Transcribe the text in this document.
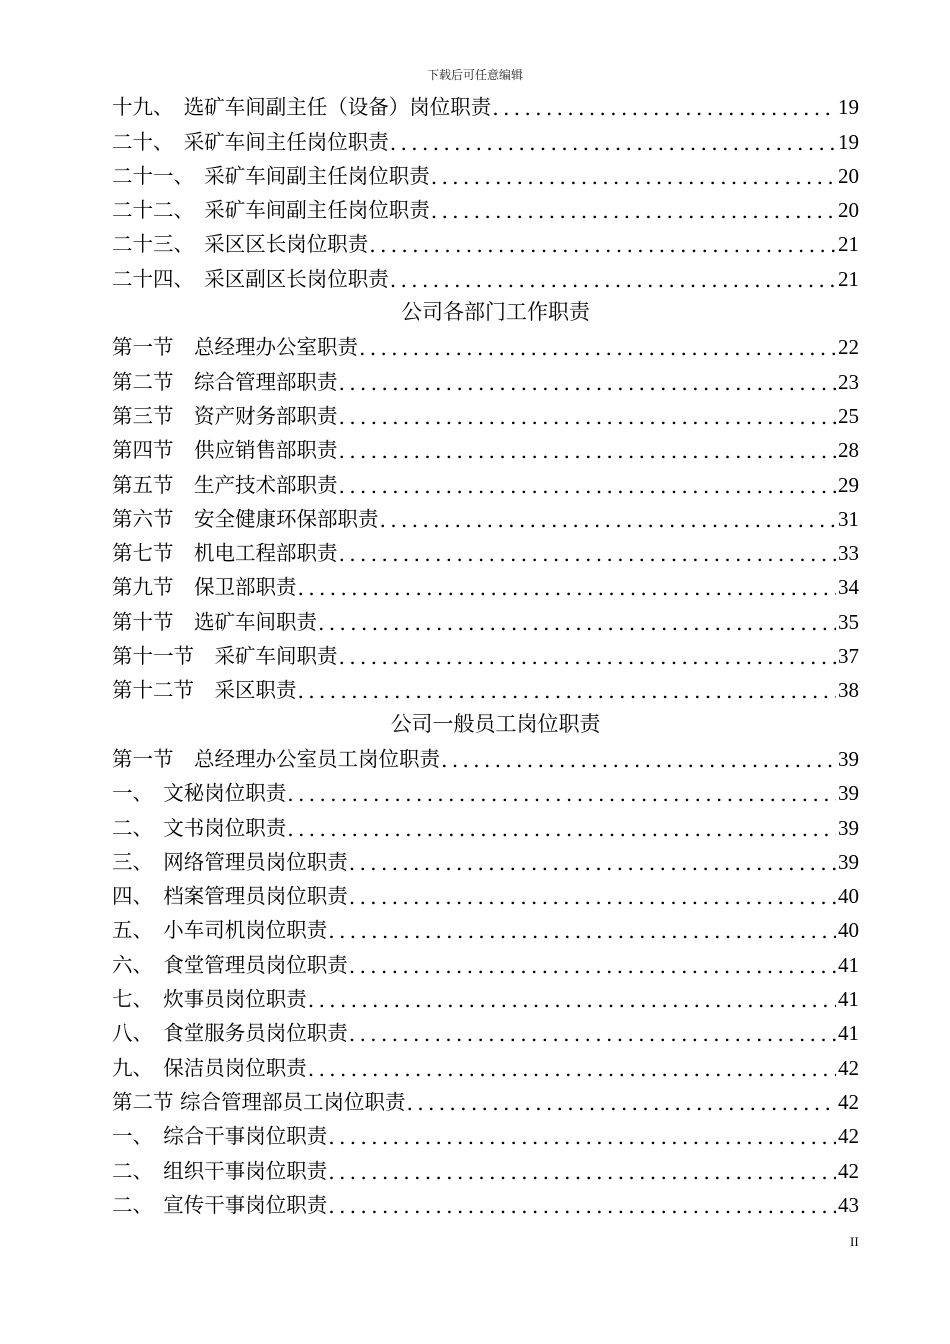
下载后可任意编辑
十九、　选矿车间副主任（设备）岗位职责 .....	19
二十、　采矿车间主任岗位职责 .....	19
二十一、　采矿车间副主任岗位职责 .....	20
二十二、　采矿车间副主任岗位职责 .....	20
二十三、　采区区长岗位职责 .....	21
二十四、　采区副区长岗位职责 .....	21
公司各部门工作职责
第一节　总经理办公室职责 .....	22
第二节　综合管理部职责 .....	23
第三节　资产财务部职责 .....	25
第四节　供应销售部职责 .....	28
第五节　生产技术部职责 .....	29
第六节　安全健康环保部职责 .....	31
第七节　机电工程部职责 .....	33
第九节　保卫部职责 .....	34
第十节　选矿车间职责 .....	35
第十一节　采矿车间职责 .....	37
第十二节　采区职责 .....	38
公司一般员工岗位职责
第一节　总经理办公室员工岗位职责 .....	39
一、　文秘岗位职责 .....	39
二、　文书岗位职责 .....	39
三、　网络管理员岗位职责 .....	39
四、　档案管理员岗位职责 .....	40
五、　小车司机岗位职责 .....	40
六、　食堂管理员岗位职责 .....	41
七、　炊事员岗位职责 .....	41
八、　食堂服务员岗位职责 .....	41
九、　保洁员岗位职责 .....	42
第二节 综合管理部员工岗位职责 .....	42
一、　综合干事岗位职责 .....	42
二、　组织干事岗位职责 .....	42
二、　宣传干事岗位职责 .....	43
II
